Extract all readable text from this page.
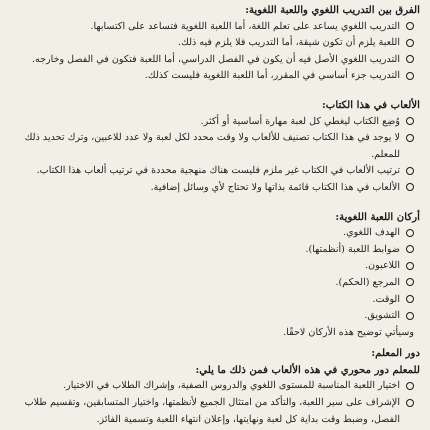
الفرق بين التدريب اللغوي واللعبة اللغوية:
التدريب اللغوي يساعد على تعلم اللغة، أما اللعبة اللغوية فتساعد على اكتسابها.
اللعبة يلزم أن تكون شيقة، أما التدريب فلا يلزم فيه ذلك.
التدريب اللغوي الأصل فيه أن يكون في الفصل الدراسي، أما اللعبة فتكون في الفصل وخارجه.
التدريب جزء أساسي في المقرر، أما اللعبة اللغوية فليست كذلك.
الألعاب في هذا الكتاب:
وُضِع الكتاب ليغطي كل لعبة مهارة أساسية أو أكثر.
لا يوجد في هذا الكتاب تصنيف للألعاب ولا وقت محدد لكل لعبة ولا عدد للاعبين، وترك تحديد ذلك للمعلم.
ترتيب الألعاب في الكتاب غير ملزم فليست هناك منهجية محددة في ترتيب ألعاب هذا الكتاب.
الألعاب في هذا الكتاب قائمة بذاتها ولا تحتاج لأي وسائل إضافية.
أركان اللعبة اللغوية:
الهدف اللغوي.
ضوابط اللعبة (أنظمتها).
اللاعبون.
المرجع (الحكم).
الوقت.
التشويق.
وسيأتي توضيح هذه الأركان لاحقًا.
دور المعلم:
للمعلم دور محوري في هذه الألعاب فمن ذلك ما يلي:
اختيار اللعبة المناسبة للمستوى اللغوي والدروس الصفية، وإشراك الطلاب في الاختيار.
الإشراف على سير اللعبة، والتأكد من امتثال الجميع لأنظمتها، واختيار المتسابقين، وتقسيم طلاب الفصل، وضبط وقت بداية كل لعبة ونهايتها، وإعلان انتهاء اللعبة وتسمية الفائز.
